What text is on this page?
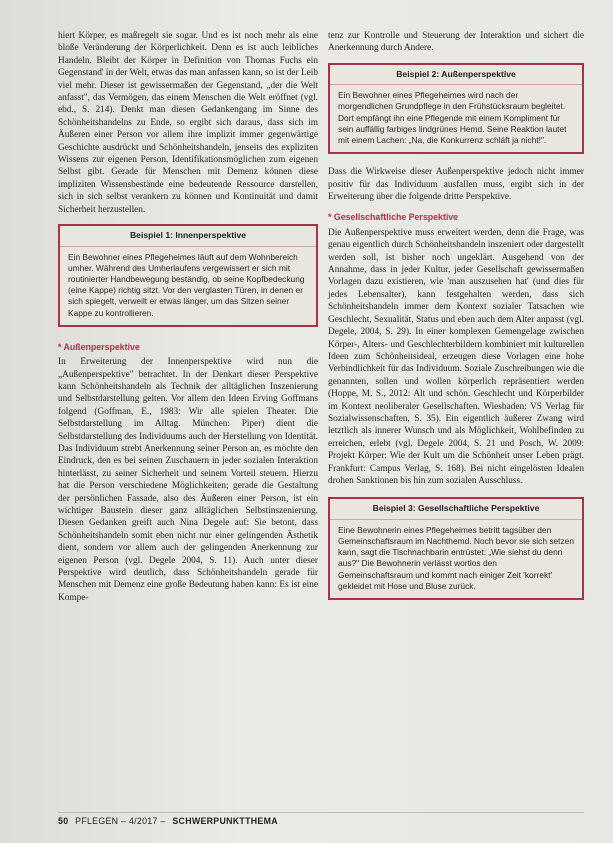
hiert Körper, es maßregelt sie sogar. Und es ist noch mehr als eine bloße Veränderung der Körperlichkeit. Denn es ist auch leibliches Handeln. Bleibt der Körper in Definition von Thomas Fuchs ein Gegenstand' in der Welt, etwas das man anfassen kann, so ist der Leib viel mehr. Dieser ist gewissermaßen der Gegenstand, „der die Welt anfasst", das Vermögen, das einem Menschen die Welt eröffnet (vgl. ebd., S. 214). Denkt man diesen Gedankengang im Sinne des Schönheitshandelns zu Ende, so ergibt sich daraus, dass sich im Äußeren einer Person vor allem ihre implizit immer gegenwärtige Geschichte ausdrückt und Schönheitshandeln, jenseits des expliziten Wissens zur eigenen Person, Identifikationsmöglichen zum eigenen Selbst gibt. Gerade für Menschen mit Demenz können diese impliziten Wissensbestände eine bedeutende Ressource darstellen, sich in sich selbst verankern zu können und Kontinuität und damit Sicherheit herzustellen.

Beispiel 1: Innenperspektive
Ein Bewohner eines Pflegeheimes läuft auf dem Wohnbereich umher. Während des Umherlaufens vergewissert er sich mit routinierter Handbewegung beständig, ob seine Kopfbedeckung (eine Kappe) richtig sitzt. Vor den verglasten Türen, in denen er sich spiegelt, verweilt er etwas länger, um das Sitzen seiner Kappe zu kontrollieren.
* Außenperspektive

In Erweiterung der Innenperspektive wird nun die „Außenperspektive" betrachtet. In der Denkart dieser Perspektive kann Schönheitshandeln als Technik der alltäglichen Inszenierung und Selbstdarstellung gelten. Vor allem den Ideen Erving Goffmans folgend (Goffman, E., 1983: Wir alle spielen Theater. Die Selbstdarstellung im Alltag. München: Piper) dient die Selbstdarstellung des Individuums auch der Herstellung von Identität. Das Individuum strebt Anerkennung seiner Person an, es möchte den Eindruck, den es bei seinen Zuschauern in jeder sozialen Interaktion hinterlässt, zu seiner Sicherheit und seinem Vorteil steuern. Hierzu hat die Person verschiedene Möglichkeiten; gerade die Gestaltung der persönlichen Fassade, also des Äußeren einer Person, ist ein wichtiger Baustein dieser ganz alltäglichen Selbstinszenierung. Diesen Gedanken greift auch Nina Degele auf: Sie betont, dass Schönheitshandeln somit eben nicht nur einer gelingenden Ästhetik dient, sondern vor allem auch der gelingenden Anerkennung zur eigenen Person (vgl. Degele 2004, S. 11). Auch unter dieser Perspektive wird deutlich, dass Schönheitshandeln gerade für Menschen mit Demenz eine große Bedeutung haben kann: Es ist eine Kompe-

tenz zur Kontrolle und Steuerung der Interaktion und sichert die Anerkennung durch Andere.

Beispiel 2: Außenperspektive
Ein Bewohner eines Pflegeheimes wird nach der morgendlichen Grundpflege in den Frühstücksraum begleitet. Dort empfängt ihn eine Pflegende mit einem Kompliment für sein auffällig farbiges lindgrünes Hemd. Seine Reaktion lautet mit einem Lachen: „Na, die Konkurrenz schläft ja nicht!".

Dass die Wirkweise dieser Außenperspektive jedoch nicht immer positiv für das Individuum ausfallen muss, ergibt sich in der Erweiterung über die folgende dritte Perspektive.

* Gesellschaftliche Perspektive

Die Außenperspektive muss erweitert werden, denn die Frage, was genau eigentlich durch Schönheitshandeln inszeniert oder dargestellt werden soll, ist bisher noch ungeklärt. Ausgehend von der Annahme, dass in jeder Kultur, jeder Gesellschaft gewissermaßen Vorlagen dazu existieren, wie 'man auszusehen hat' (und dies für jedes Lebensalter), kann festgehalten werden, dass sich Schönheitshandeln immer dem Kontext sozialer Tatsachen wie Geschlecht, Sexualität, Status und eben auch dem Alter anpasst (vgl. Degele, 2004, S. 29). In einer komplexen Gemengelage zwischen Körper-, Alters- und Geschlechterbildern kombiniert mit kulturellen Ideen zum Schönheitsideal, erzeugen diese Vorlagen eine hohe Verbindlichkeit für das Individuum. Soziale Zuschreibungen wie die genannten, sollen und wollen körperlich repräsentiert werden (Hoppe, M. S., 2012: Alt und schön. Geschlecht und Körperbilder im Kontext neoliberaler Gesellschaften. Wiesbaden: VS Verlag für Sozialwissenschaften, S. 35). Ein eigentlich äußerer Zwang wird letztlich als innerer Wunsch und als Möglichkeit, Wohlbefinden zu erreichen, erlebt (vgl. Degele 2004, S. 21 und Posch, W. 2009: Projekt Körper: Wie der Kult um die Schönheit unser Leben prägt. Frankfurt: Campus Verlag, S. 168). Bei nicht eingelösten Idealen drohen Sanktionen bis hin zum sozialen Ausschluss.

Beispiel 3: Gesellschaftliche Perspektive
Eine Bewohnerin eines Pflegeheimes betritt tagsüber den Gemeinschaftsraum im Nachthemd. Noch bevor sie sich setzen kann, sagt die Tischnachbarin entrüstet: „Wie siehst du denn aus?" Die Bewohnerin verlässt wortlos den Gemeinschaftsraum und kommt nach einiger Zeit 'korrekt' gekleidet mit Hose und Bluse zurück.
50 PFLEGEN – 4/2017 – SCHWERPUNKTTHEMA
